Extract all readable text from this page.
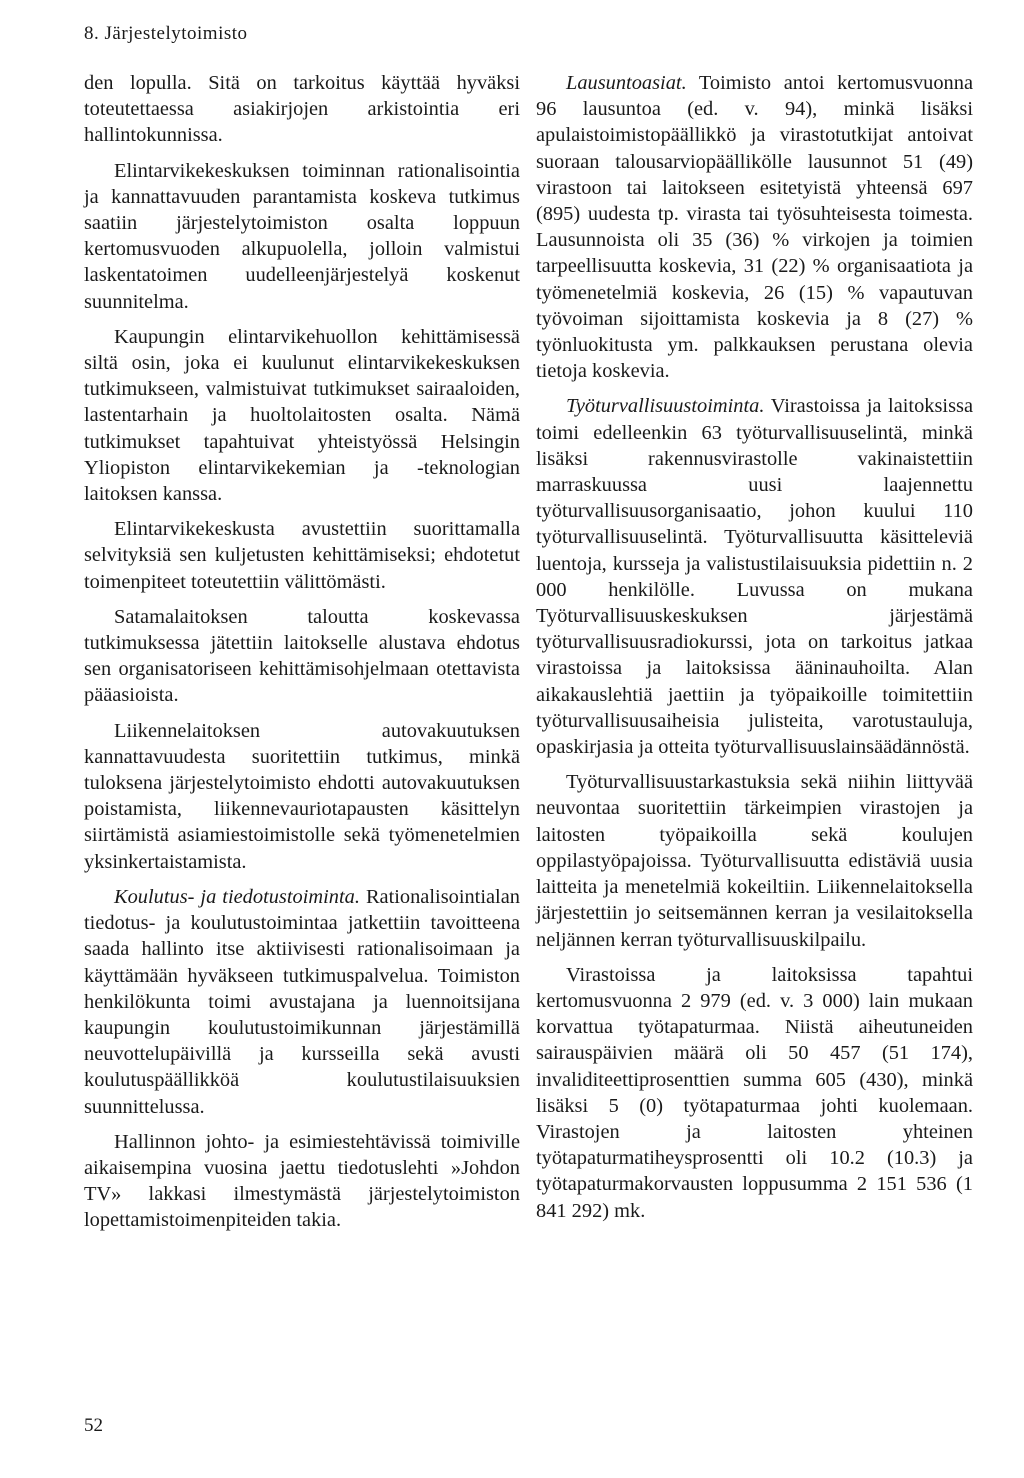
8. Järjestelytoimisto

den lopulla. Sitä on tarkoitus käyttää hyväksi toteutettaessa asiakirjojen arkistointia eri hallintokunnissa.

Elintarvikekeskuksen toiminnan rationalisointia ja kannattavuuden parantamista koskeva tutkimus saatiin järjestelytoimiston osalta loppuun kertomusvuoden alkupuolella, jolloin valmistui laskentatoimen uudelleenjärjestelyä koskenut suunnitelma.

Kaupungin elintarvikehuollon kehittämisessä siltä osin, joka ei kuulunut elintarvikekeskuksen tutkimukseen, valmistuivat tutkimukset sairaaloiden, lastentarhain ja huoltolaitosten osalta. Nämä tutkimukset tapahtuivat yhteistyössä Helsingin Yliopiston elintarvikekemian ja -teknologian laitoksen kanssa.

Elintarvikekeskusta avustettiin suorittamalla selvityksiä sen kuljetusten kehittämiseksi; ehdotetut toimenpiteet toteutettiin välittömästi.

Satamalaitoksen taloutta koskevassa tutkimuksessa jätettiin laitokselle alustava ehdotus sen organisatoriseen kehittämisohjelmaan otettavista pääasioista.

Liikennelaitoksen autovakuutuksen kannattavuudesta suoritettiin tutkimus, minkä tuloksena järjestelytoimisto ehdotti autovakuutuksen poistamista, liikennevauriotapausten käsittelyn siirtämistä asiamiestoimistolle sekä työmenetelmien yksinkertaistamista.

Koulutus- ja tiedotustoiminta. Rationalisointialan tiedotus- ja koulutustoimintaa jatkettiin tavoitteena saada hallinto itse aktiivisesti rationalisoimaan ja käyttämään hyväkseen tutkimuspalvelua. Toimiston henkilökunta toimi avustajana ja luennoitsijana kaupungin koulutustoimikunnan järjestämillä neuvottelupäivillä ja kursseilla sekä avusti koulutuspäällikköä koulutustilaisuuksien suunnittelussa.

Hallinnon johto- ja esimiestehtävissä toimiville aikaisempina vuosina jaettu tiedotuslehti »Johdon TV» lakkasi ilmestymästä järjestelytoimiston lopettamistoimenpiteiden takia.

Lausuntoasiat. Toimisto antoi kertomusvuonna 96 lausuntoa (ed. v. 94), minkä lisäksi apulaistoimistopäällikkö ja virastotutkijat antoivat suoraan talousarviopäällikölle lausunnot 51 (49) virastoon tai laitokseen esitetyistä yhteensä 697 (895) uudesta tp. virasta tai työsuhteisesta toimesta. Lausunnoista oli 35 (36) % virkojen ja toimien tarpeellisuutta koskevia, 31 (22) % organisaatiota ja työmenetelmiä koskevia, 26 (15) % vapautuvan työvoiman sijoittamista koskevia ja 8 (27) % työnluokitusta ym. palkkauksen perustana olevia tietoja koskevia.

Työturvallisuustoiminta. Virastoissa ja laitoksissa toimi edelleenkin 63 työturvallisuuselintä, minkä lisäksi rakennusvirastolle vakinaistettiin marraskuussa uusi laajennettu työturvallisuusorganisaatio, johon kuului 110 työturvallisuuselintä. Työturvallisuutta käsitteleviä luentoja, kursseja ja valistustilaisuuksia pidettiin n. 2 000 henkilölle. Luvussa on mukana Työturvallisuuskeskuksen järjestämä työturvallisuusradiokurssi, jota on tarkoitus jatkaa virastoissa ja laitoksissa ääninauhoilta. Alan aikakauslehtiä jaettiin ja työpaikoille toimitettiin työturvallisuusaiheisia julisteita, varotustauluja, opaskirjasia ja otteita työturvallisuuslainsäädännöstä.

Työturvallisuustarkastuksia sekä niihin liittyvää neuvontaa suoritettiin tärkeimpien virastojen ja laitosten työpaikoilla sekä koulujen oppilastyöpajoissa. Työturvallisuutta edistäviä uusia laitteita ja menetelmiä kokeiltiin. Liikennelaitoksella järjestettiin jo seitsemännen kerran ja vesilaitoksella neljännen kerran työturvallisuuskilpailu.

Virastoissa ja laitoksissa tapahtui kertomusvuonna 2 979 (ed. v. 3 000) lain mukaan korvattua työtapaturmaa. Niistä aiheutuneiden sairauspäivien määrä oli 50 457 (51 174), invaliditeettiprosenttien summa 605 (430), minkä lisäksi 5 (0) työtapaturmaa johti kuolemaan. Virastojen ja laitosten yhteinen työtapaturmatiheysprosentti oli 10.2 (10.3) ja työtapaturmakorvausten loppusumma 2 151 536 (1 841 292) mk.

52
